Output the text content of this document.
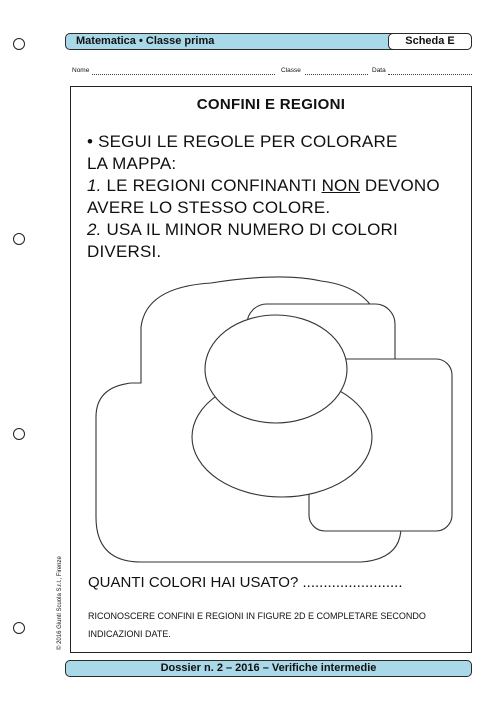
Matematica • Classe prima	Scheda E
Nome	Classe	Data
CONFINI E REGIONI
• SEGUI LE REGOLE PER COLORARE
LA MAPPA:
1. LE REGIONI CONFINANTI NON DEVONO
AVERE LO STESSO COLORE.
2. USA IL MINOR NUMERO DI COLORI
DIVERSI.
QUANTI COLORI HAI USATO? ........................
RICONOSCERE CONFINI E REGIONI IN FIGURE 2D E COMPLETARE SECONDO INDICAZIONI DATE.
© 2016 Giunti Scuola S.r.l., Firenze
Dossier n. 2 – 2016 – Verifiche intermedie
